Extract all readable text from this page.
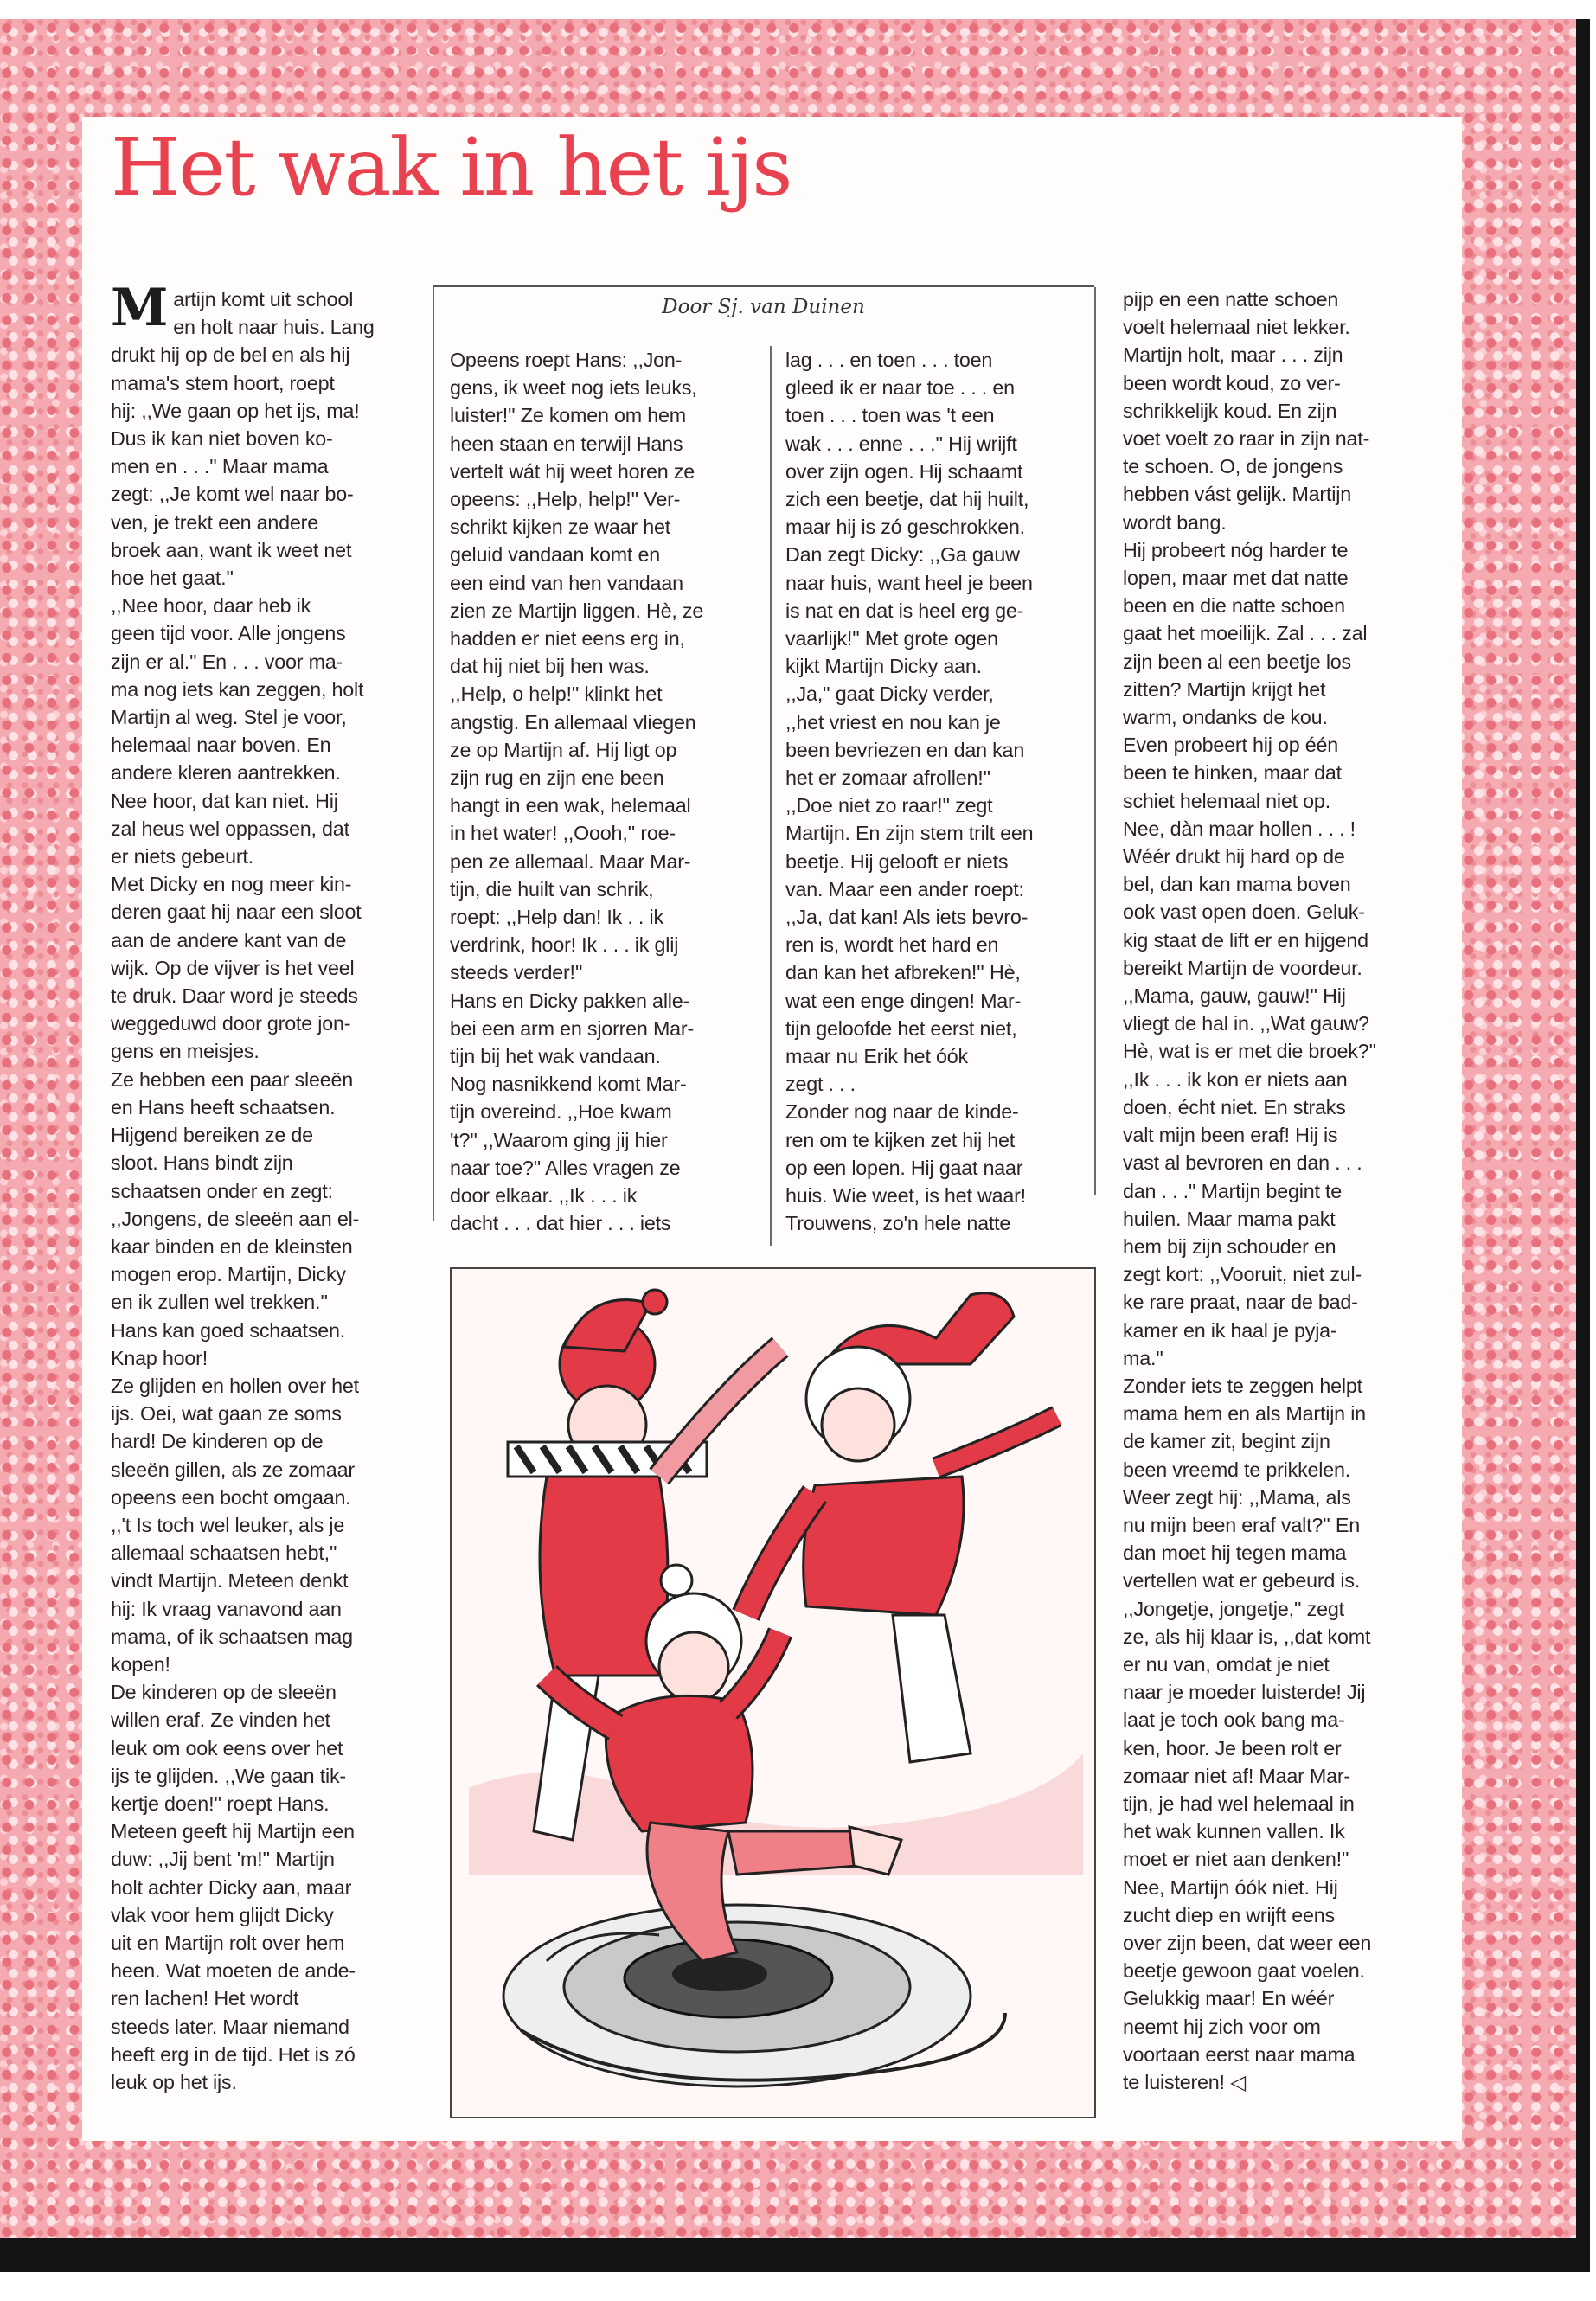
Het wak in het ijs
Martijn komt uit school
en holt naar huis. Lang
drukt hij op de bel en als hij
mama's stem hoort, roept
hij: ,,We gaan op het ijs, ma!
Dus ik kan niet boven ko-
men en . . .'' Maar mama
zegt: ,,Je komt wel naar bo-
ven, je trekt een andere
broek aan, want ik weet net
hoe het gaat.''
,,Nee hoor, daar heb ik
geen tijd voor. Alle jongens
zijn er al.'' En . . . voor ma-
ma nog iets kan zeggen, holt
Martijn al weg. Stel je voor,
helemaal naar boven. En
andere kleren aantrekken.
Nee hoor, dat kan niet. Hij
zal heus wel oppassen, dat
er niets gebeurt.
Met Dicky en nog meer kin-
deren gaat hij naar een sloot
aan de andere kant van de
wijk. Op de vijver is het veel
te druk. Daar word je steeds
weggeduwd door grote jon-
gens en meisjes.
Ze hebben een paar sleeën
en Hans heeft schaatsen.
Hijgend bereiken ze de
sloot. Hans bindt zijn
schaatsen onder en zegt:
,,Jongens, de sleeën aan el-
kaar binden en de kleinsten
mogen erop. Martijn, Dicky
en ik zullen wel trekken.''
Hans kan goed schaatsen.
Knap hoor!
Ze glijden en hollen over het
ijs. Oei, wat gaan ze soms
hard! De kinderen op de
sleeën gillen, als ze zomaar
opeens een bocht omgaan.
,,'t Is toch wel leuker, als je
allemaal schaatsen hebt,''
vindt Martijn. Meteen denkt
hij: Ik vraag vanavond aan
mama, of ik schaatsen mag
kopen!
De kinderen op de sleeën
willen eraf. Ze vinden het
leuk om ook eens over het
ijs te glijden. ,,We gaan tik-
kertje doen!'' roept Hans.
Meteen geeft hij Martijn een
duw: ,,Jij bent 'm!'' Martijn
holt achter Dicky aan, maar
vlak voor hem glijdt Dicky
uit en Martijn rolt over hem
heen. Wat moeten de ande-
ren lachen! Het wordt
steeds later. Maar niemand
heeft erg in de tijd. Het is zó
leuk op het ijs.
Door Sj. van Duinen
Opeens roept Hans: ,,Jon-
gens, ik weet nog iets leuks,
luister!'' Ze komen om hem
heen staan en terwijl Hans
vertelt wát hij weet horen ze
opeens: ,,Help, help!'' Ver-
schrikt kijken ze waar het
geluid vandaan komt en
een eind van hen vandaan
zien ze Martijn liggen. Hè, ze
hadden er niet eens erg in,
dat hij niet bij hen was.
,,Help, o help!'' klinkt het
angstig. En allemaal vliegen
ze op Martijn af. Hij ligt op
zijn rug en zijn ene been
hangt in een wak, helemaal
in het water! ,,Oooh,'' roe-
pen ze allemaal. Maar Mar-
tijn, die huilt van schrik,
roept: ,,Help dan! Ik . . ik
verdrink, hoor! Ik . . . ik glij
steeds verder!''
Hans en Dicky pakken alle-
bei een arm en sjorren Mar-
tijn bij het wak vandaan.
Nog nasnikkend komt Mar-
tijn overeind. ,,Hoe kwam
't?'' ,,Waarom ging jij hier
naar toe?'' Alles vragen ze
door elkaar. ,,Ik . . . ik
dacht . . . dat hier . . . iets
lag . . . en toen . . . toen
gleed ik er naar toe . . . en
toen . . . toen was 't een
wak . . . enne . . .'' Hij wrijft
over zijn ogen. Hij schaamt
zich een beetje, dat hij huilt,
maar hij is zó geschrokken.
Dan zegt Dicky: ,,Ga gauw
naar huis, want heel je been
is nat en dat is heel erg ge-
vaarlijk!'' Met grote ogen
kijkt Martijn Dicky aan.
,,Ja,'' gaat Dicky verder,
,,het vriest en nou kan je
been bevriezen en dan kan
het er zomaar afrollen!''
,,Doe niet zo raar!'' zegt
Martijn. En zijn stem trilt een
beetje. Hij gelooft er niets
van. Maar een ander roept:
,,Ja, dat kan! Als iets bevro-
ren is, wordt het hard en
dan kan het afbreken!'' Hè,
wat een enge dingen! Mar-
tijn geloofde het eerst niet,
maar nu Erik het óók
zegt . . .
Zonder nog naar de kinde-
ren om te kijken zet hij het
op een lopen. Hij gaat naar
huis. Wie weet, is het waar!
Trouwens, zo'n hele natte
pijp en een natte schoen
voelt helemaal niet lekker.
Martijn holt, maar . . . zijn
been wordt koud, zo ver-
schrikkelijk koud. En zijn
voet voelt zo raar in zijn nat-
te schoen. O, de jongens
hebben vást gelijk. Martijn
wordt bang.
Hij probeert nóg harder te
lopen, maar met dat natte
been en die natte schoen
gaat het moeilijk. Zal . . . zal
zijn been al een beetje los
zitten? Martijn krijgt het
warm, ondanks de kou.
Even probeert hij op één
been te hinken, maar dat
schiet helemaal niet op.
Nee, dàn maar hollen . . . !
Wéér drukt hij hard op de
bel, dan kan mama boven
ook vast open doen. Geluk-
kig staat de lift er en hijgend
bereikt Martijn de voordeur.
,,Mama, gauw, gauw!'' Hij
vliegt de hal in. ,,Wat gauw?
Hè, wat is er met die broek?''
,,Ik . . . ik kon er niets aan
doen, écht niet. En straks
valt mijn been eraf! Hij is
vast al bevroren en dan . . .
dan . . .'' Martijn begint te
huilen. Maar mama pakt
hem bij zijn schouder en
zegt kort: ,,Vooruit, niet zul-
ke rare praat, naar de bad-
kamer en ik haal je pyja-
ma.''
Zonder iets te zeggen helpt
mama hem en als Martijn in
de kamer zit, begint zijn
been vreemd te prikkelen.
Weer zegt hij: ,,Mama, als
nu mijn been eraf valt?'' En
dan moet hij tegen mama
vertellen wat er gebeurd is.
,,Jongetje, jongetje,'' zegt
ze, als hij klaar is, ,,dat komt
er nu van, omdat je niet
naar je moeder luisterde! Jij
laat je toch ook bang ma-
ken, hoor. Je been rolt er
zomaar niet af! Maar Mar-
tijn, je had wel helemaal in
het wak kunnen vallen. Ik
moet er niet aan denken!''
Nee, Martijn óók niet. Hij
zucht diep en wrijft eens
over zijn been, dat weer een
beetje gewoon gaat voelen.
Gelukkig maar! En wéér
neemt hij zich voor om
voortaan eerst naar mama
te luisteren! ◁
